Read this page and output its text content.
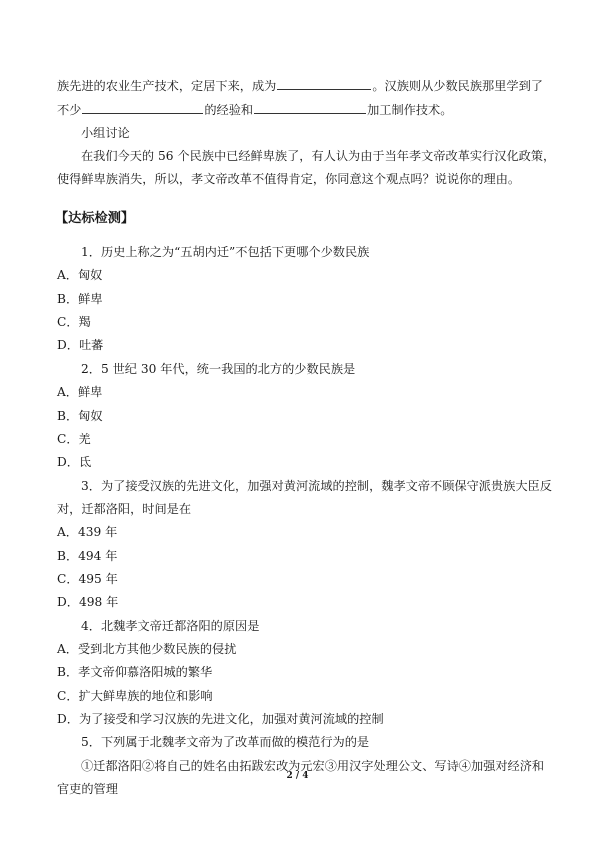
族先进的农业生产技术，定居下来，成为	。汉族则从少数民族那里学到了
不少	的经验和	加工制作技术。
小组讨论
在我们今天的 56 个民族中已经鲜卑族了，有人认为由于当年孝文帝改革实行汉化政策，
使得鲜卑族消失，所以，孝文帝改革不值得肯定，你同意这个观点吗？说说你的理由。
【达标检测】
1．历史上称之为“五胡内迁”不包括下更哪个少数民族
A．匈奴
B．鲜卑
C．羯
D．吐蕃
2．5 世纪 30 年代，统一我国的北方的少数民族是
A．鲜卑
B．匈奴
C．羌
D．氐
3．为了接受汉族的先进文化，加强对黄河流域的控制，魏孝文帝不顾保守派贵族大臣反
对，迁都洛阳，时间是在
A．439 年
B．494 年
C．495 年
D．498 年
4．北魏孝文帝迁都洛阳的原因是
A．受到北方其他少数民族的侵扰
B．孝文帝仰慕洛阳城的繁华
C．扩大鲜卑族的地位和影响
D．为了接受和学习汉族的先进文化，加强对黄河流域的控制
5．下列属于北魏孝文帝为了改革而做的模范行为的是
①迁都洛阳②将自己的姓名由拓跋宏改为元宏③用汉字处理公文、写诗④加强对经济和
官吏的管理
2 / 4
